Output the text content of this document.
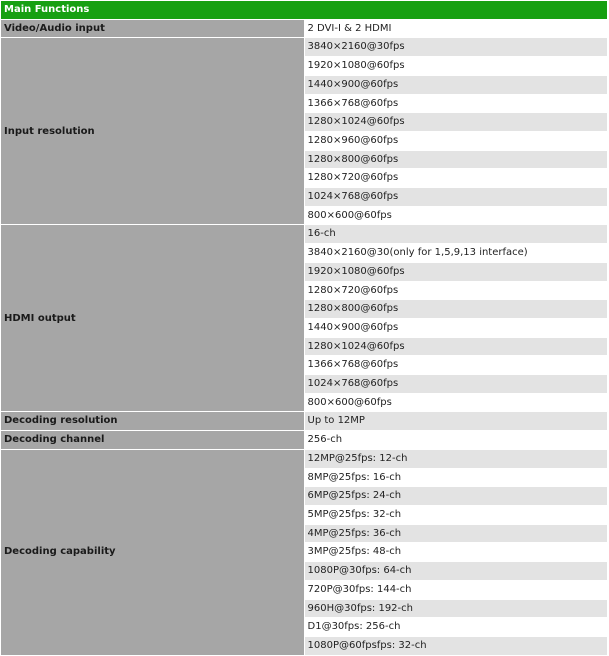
Main Functions	
Video/Audio input	2 DVI-I & 2 HDMI
Input resolution	3840×2160@30fps
	1920×1080@60fps
	1440×900@60fps
	1366×768@60fps
	1280×1024@60fps
	1280×960@60fps
	1280×800@60fps
	1280×720@60fps
	1024×768@60fps
	800×600@60fps
HDMI output	16-ch
	3840×2160@30(only for 1,5,9,13 interface)
	1920×1080@60fps
	1280×720@60fps
	1280×800@60fps
	1440×900@60fps
	1280×1024@60fps
	1366×768@60fps
	1024×768@60fps
	800×600@60fps
Decoding resolution	Up to 12MP
Decoding channel	256-ch
Decoding capability	12MP@25fps: 12-ch
	8MP@25fps: 16-ch
	6MP@25fps: 24-ch
	5MP@25fps: 32-ch
	4MP@25fps: 36-ch
	3MP@25fps: 48-ch
	1080P@30fps: 64-ch
	720P@30fps: 144-ch
	960H@30fps: 192-ch
	D1@30fps: 256-ch
	1080P@60fpsfps: 32-ch
